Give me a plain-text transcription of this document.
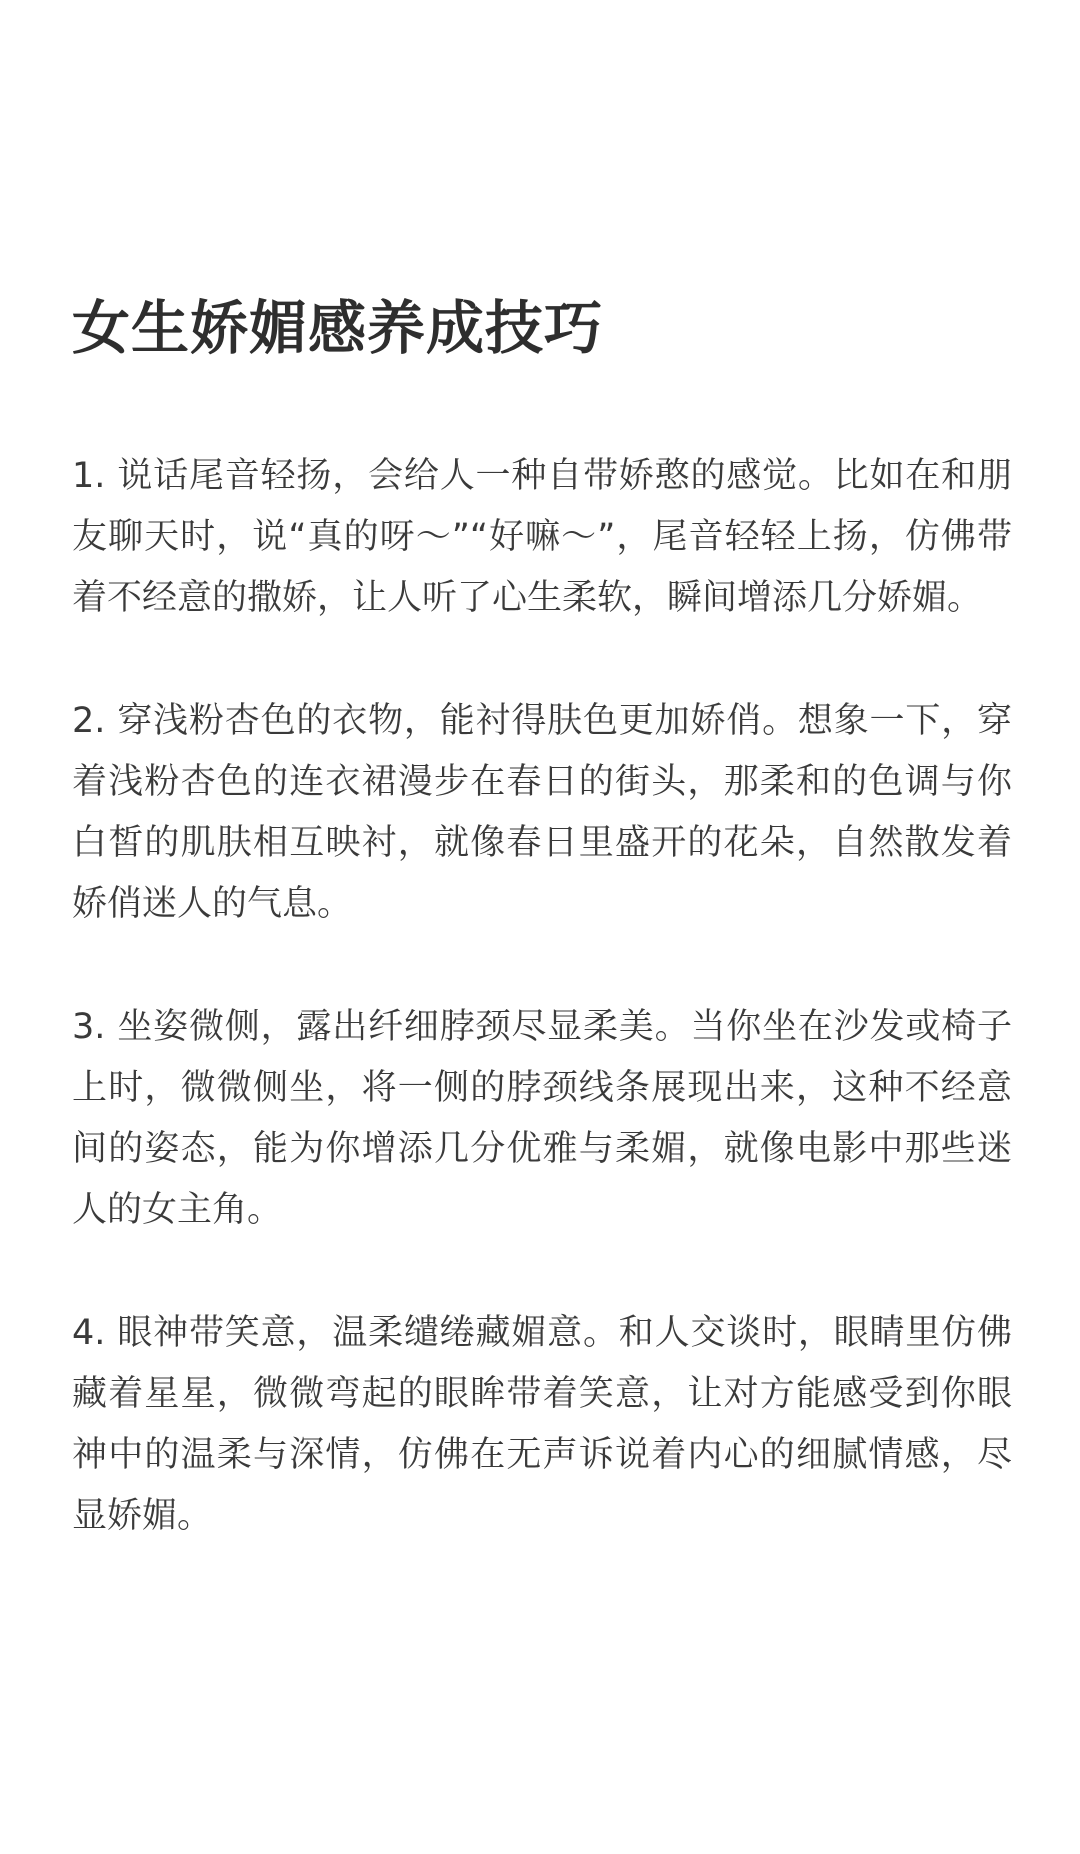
女生娇媚感养成技巧

1. 说话尾音轻扬，会给人一种自带娇憨的感觉。比如在和朋友聊天时，说“真的呀～”“好嘛～”，尾音轻轻上扬，仿佛带着不经意的撒娇，让人听了心生柔软，瞬间增添几分娇媚。

2. 穿浅粉杏色的衣物，能衬得肤色更加娇俏。想象一下，穿着浅粉杏色的连衣裙漫步在春日的街头，那柔和的色调与你白皙的肌肤相互映衬，就像春日里盛开的花朵，自然散发着娇俏迷人的气息。

3. 坐姿微侧，露出纤细脖颈尽显柔美。当你坐在沙发或椅子上时，微微侧坐，将一侧的脖颈线条展现出来，这种不经意间的姿态，能为你增添几分优雅与柔媚，就像电影中那些迷人的女主角。

4. 眼神带笑意，温柔缱绻藏媚意。和人交谈时，眼睛里仿佛藏着星星，微微弯起的眼眸带着笑意，让对方能感受到你眼神中的温柔与深情，仿佛在无声诉说着内心的细腻情感，尽显娇媚。
